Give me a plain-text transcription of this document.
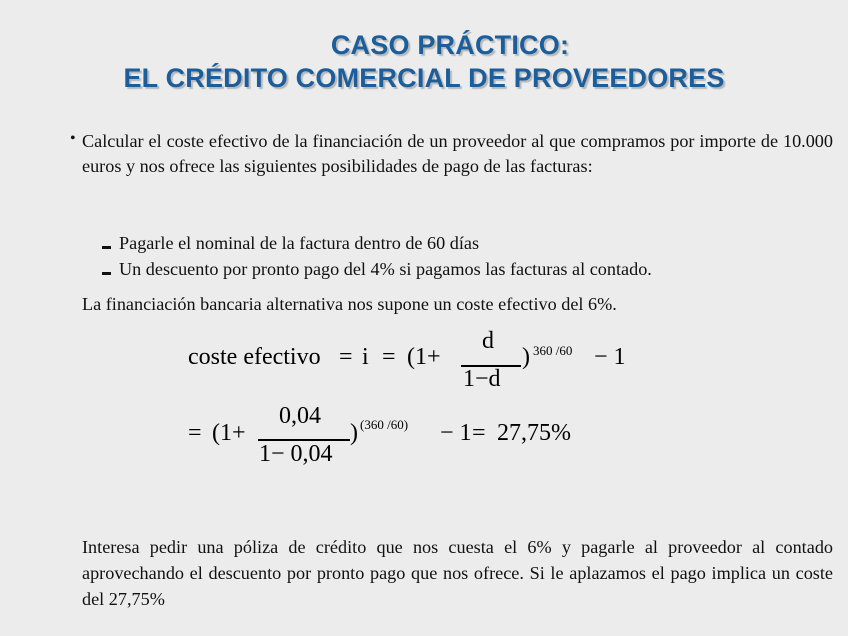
CASO PRÁCTICO:
EL CRÉDITO COMERCIAL DE PROVEEDORES
• Calcular el coste efectivo de la financiación de un proveedor al que compramos por importe de 10.000 euros y nos ofrece las siguientes posibilidades de pago de las facturas:
Pagarle el nominal de la factura dentro de 60 días
Un descuento por pronto pago del 4% si pagamos las facturas al contado.
La financiación bancaria alternativa nos supone un coste efectivo del 6%.
coste efectivo = i = (1+
d
1−d
) 360 /60 − 1
= (1+
0,04
1− 0,04
) (360 /60) − 1 = 27,75%
Interesa pedir una póliza de crédito que nos cuesta el 6% y pagarle al proveedor al contado aprovechando el descuento por pronto pago que nos ofrece. Si le aplazamos el pago implica un coste del 27,75%
